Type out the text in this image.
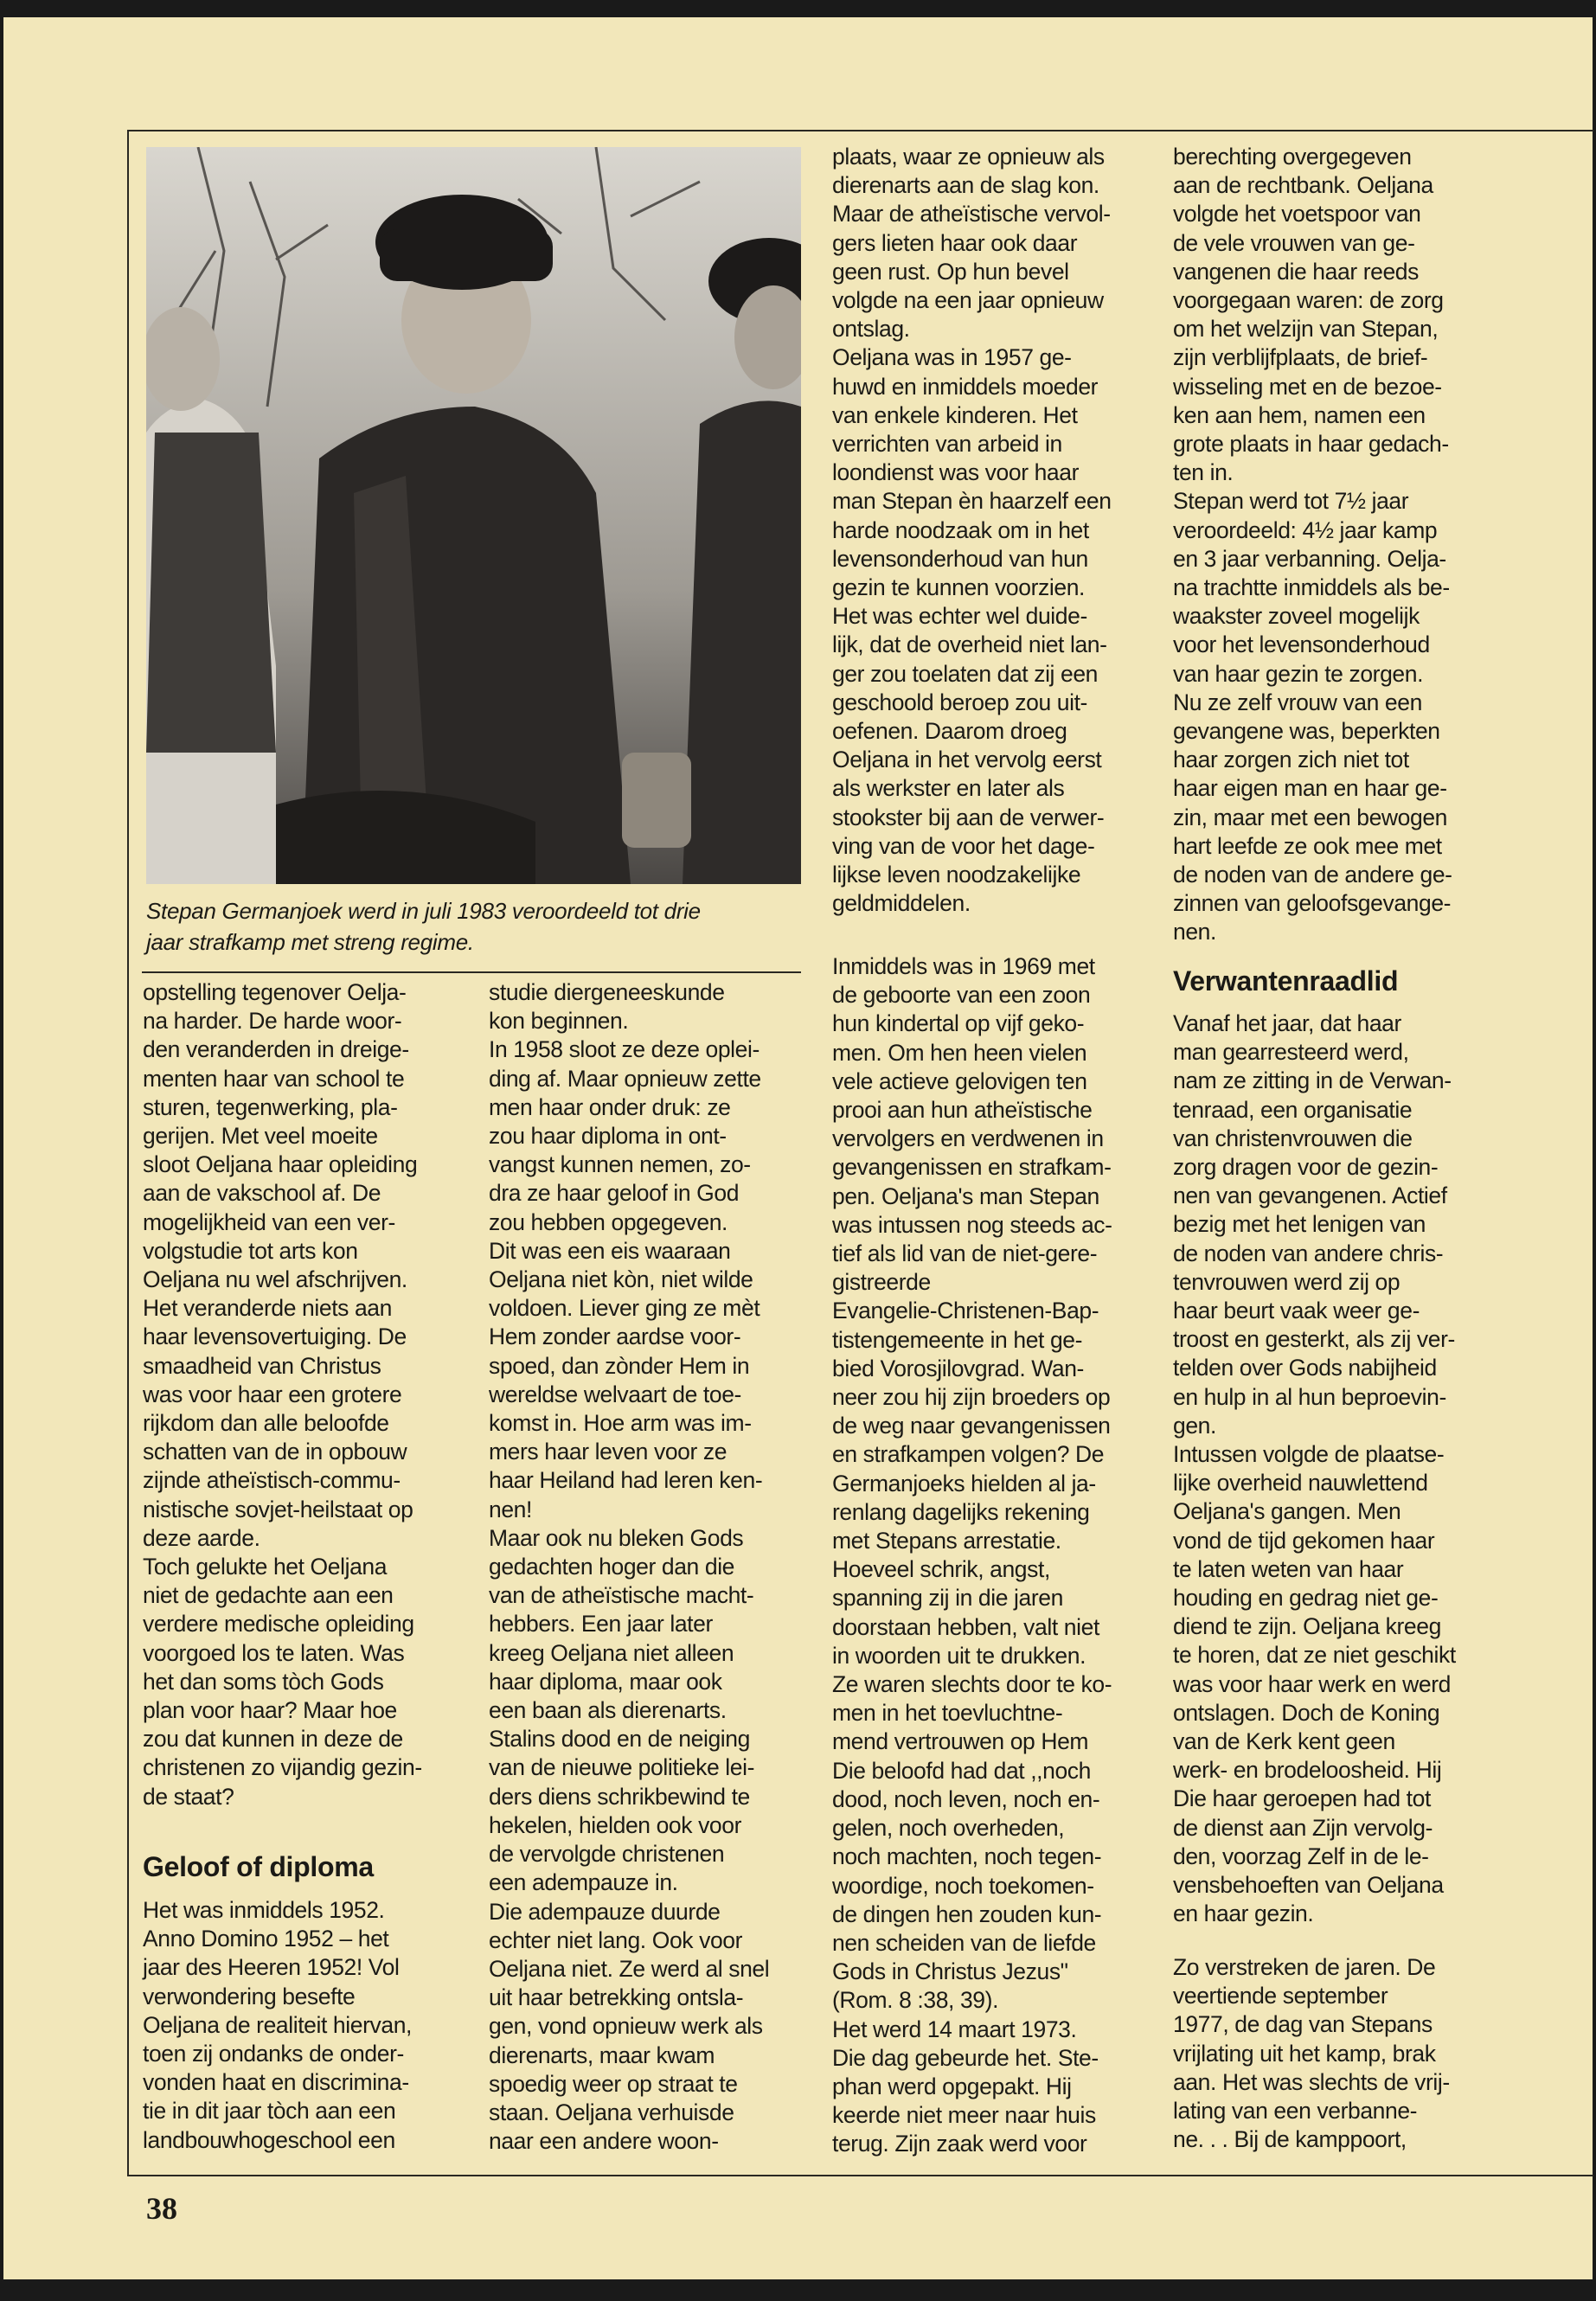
Stepan Germanjoek werd in juli 1983 veroordeeld tot drie
jaar strafkamp met streng regime.
opstelling tegenover Oelja-
na harder. De harde woor-
den veranderden in dreige-
menten haar van school te
sturen, tegenwerking, pla-
gerijen. Met veel moeite
sloot Oeljana haar opleiding
aan de vakschool af. De
mogelijkheid van een ver-
volgstudie tot arts kon
Oeljana nu wel afschrijven.
Het veranderde niets aan
haar levensovertuiging. De
smaadheid van Christus
was voor haar een grotere
rijkdom dan alle beloofde
schatten van de in opbouw
zijnde atheïstisch-commu-
nistische sovjet-heilstaat op
deze aarde.
Toch gelukte het Oeljana
niet de gedachte aan een
verdere medische opleiding
voorgoed los te laten. Was
het dan soms tòch Gods
plan voor haar? Maar hoe
zou dat kunnen in deze de
christenen zo vijandig gezin-
de staat?
Geloof of diploma
Het was inmiddels 1952.
Anno Domino 1952 – het
jaar des Heeren 1952! Vol
verwondering besefte
Oeljana de realiteit hiervan,
toen zij ondanks de onder-
vonden haat en discrimina-
tie in dit jaar tòch aan een
landbouwhogeschool een
studie diergeneeskunde
kon beginnen.
In 1958 sloot ze deze oplei-
ding af. Maar opnieuw zette
men haar onder druk: ze
zou haar diploma in ont-
vangst kunnen nemen, zo-
dra ze haar geloof in God
zou hebben opgegeven.
Dit was een eis waaraan
Oeljana niet kòn, niet wilde
voldoen. Liever ging ze mèt
Hem zonder aardse voor-
spoed, dan zònder Hem in
wereldse welvaart de toe-
komst in. Hoe arm was im-
mers haar leven voor ze
haar Heiland had leren ken-
nen!
Maar ook nu bleken Gods
gedachten hoger dan die
van de atheïstische macht-
hebbers. Een jaar later
kreeg Oeljana niet alleen
haar diploma, maar ook
een baan als dierenarts.
Stalins dood en de neiging
van de nieuwe politieke lei-
ders diens schrikbewind te
hekelen, hielden ook voor
de vervolgde christenen
een adempauze in.
Die adempauze duurde
echter niet lang. Ook voor
Oeljana niet. Ze werd al snel
uit haar betrekking ontsla-
gen, vond opnieuw werk als
dierenarts, maar kwam
spoedig weer op straat te
staan. Oeljana verhuisde
naar een andere woon-
plaats, waar ze opnieuw als
dierenarts aan de slag kon.
Maar de atheïstische vervol-
gers lieten haar ook daar
geen rust. Op hun bevel
volgde na een jaar opnieuw
ontslag.
Oeljana was in 1957 ge-
huwd en inmiddels moeder
van enkele kinderen. Het
verrichten van arbeid in
loondienst was voor haar
man Stepan èn haarzelf een
harde noodzaak om in het
levensonderhoud van hun
gezin te kunnen voorzien.
Het was echter wel duide-
lijk, dat de overheid niet lan-
ger zou toelaten dat zij een
geschoold beroep zou uit-
oefenen. Daarom droeg
Oeljana in het vervolg eerst
als werkster en later als
stookster bij aan de verwer-
ving van de voor het dage-
lijkse leven noodzakelijke
geldmiddelen.
Inmiddels was in 1969 met
de geboorte van een zoon
hun kindertal op vijf geko-
men. Om hen heen vielen
vele actieve gelovigen ten
prooi aan hun atheïstische
vervolgers en verdwenen in
gevangenissen en strafkam-
pen. Oeljana's man Stepan
was intussen nog steeds ac-
tief als lid van de niet-gere-
gistreerde
Evangelie-Christenen-Bap-
tistengemeente in het ge-
bied Vorosjilovgrad. Wan-
neer zou hij zijn broeders op
de weg naar gevangenissen
en strafkampen volgen? De
Germanjoeks hielden al ja-
renlang dagelijks rekening
met Stepans arrestatie.
Hoeveel schrik, angst,
spanning zij in die jaren
doorstaan hebben, valt niet
in woorden uit te drukken.
Ze waren slechts door te ko-
men in het toevluchtne-
mend vertrouwen op Hem
Die beloofd had dat ,,noch
dood, noch leven, noch en-
gelen, noch overheden,
noch machten, noch tegen-
woordige, noch toekomen-
de dingen hen zouden kun-
nen scheiden van de liefde
Gods in Christus Jezus"
(Rom. 8 :38, 39).
Het werd 14 maart 1973.
Die dag gebeurde het. Ste-
phan werd opgepakt. Hij
keerde niet meer naar huis
terug. Zijn zaak werd voor
berechting overgegeven
aan de rechtbank. Oeljana
volgde het voetspoor van
de vele vrouwen van ge-
vangenen die haar reeds
voorgegaan waren: de zorg
om het welzijn van Stepan,
zijn verblijfplaats, de brief-
wisseling met en de bezoe-
ken aan hem, namen een
grote plaats in haar gedach-
ten in.
Stepan werd tot 7½ jaar
veroordeeld: 4½ jaar kamp
en 3 jaar verbanning. Oelja-
na trachtte inmiddels als be-
waakster zoveel mogelijk
voor het levensonderhoud
van haar gezin te zorgen.
Nu ze zelf vrouw van een
gevangene was, beperkten
haar zorgen zich niet tot
haar eigen man en haar ge-
zin, maar met een bewogen
hart leefde ze ook mee met
de noden van de andere ge-
zinnen van geloofsgevange-
nen.
Verwantenraadlid
Vanaf het jaar, dat haar
man gearresteerd werd,
nam ze zitting in de Verwan-
tenraad, een organisatie
van christenvrouwen die
zorg dragen voor de gezin-
nen van gevangenen. Actief
bezig met het lenigen van
de noden van andere chris-
tenvrouwen werd zij op
haar beurt vaak weer ge-
troost en gesterkt, als zij ver-
telden over Gods nabijheid
en hulp in al hun beproevin-
gen.
Intussen volgde de plaatse-
lijke overheid nauwlettend
Oeljana's gangen. Men
vond de tijd gekomen haar
te laten weten van haar
houding en gedrag niet ge-
diend te zijn. Oeljana kreeg
te horen, dat ze niet geschikt
was voor haar werk en werd
ontslagen. Doch de Koning
van de Kerk kent geen
werk- en brodeloosheid. Hij
Die haar geroepen had tot
de dienst aan Zijn vervolg-
den, voorzag Zelf in de le-
vensbehoeften van Oeljana
en haar gezin.
Zo verstreken de jaren. De
veertiende september
1977, de dag van Stepans
vrijlating uit het kamp, brak
aan. Het was slechts de vrij-
lating van een verbanne-
ne. . . Bij de kamppoort,
38
